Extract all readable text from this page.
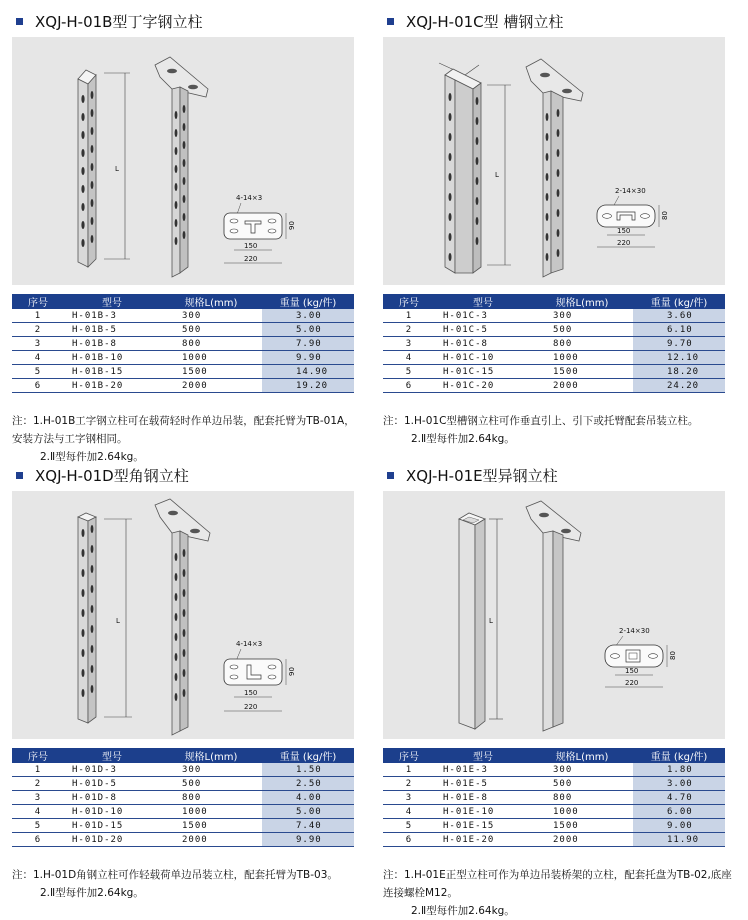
XQJ-H-01B型丁字钢立柱
L
4-14×3
90
150
220
序号	型号	规格L(mm)	重量 (kg/件)
1	H-01B-3	300	3.00
2	H-01B-5	500	5.00
3	H-01B-8	800	7.90
4	H-01B-10	1000	9.90
5	H-01B-15	1500	14.90
6	H-01B-20	2000	19.20
注：1.H-01B工字钢立柱可在载荷轻时作单边吊装，配套托臂为TB-01A，安装方法与工字钢相同。
2.Ⅱ型每件加2.64kg。
XQJ-H-01C型 槽钢立柱
L
2-14×30
80
150
220
序号	型号	规格L(mm)	重量 (kg/件)
1	H-01C-3	300	3.60
2	H-01C-5	500	6.10
3	H-01C-8	800	9.70
4	H-01C-10	1000	12.10
5	H-01C-15	1500	18.20
6	H-01C-20	2000	24.20
注：1.H-01C型槽钢立柱可作垂直引上、引下或托臂配套吊装立柱。
2.Ⅱ型每件加2.64kg。
XQJ-H-01D型角钢立柱
L
4-14×3
90
150
220
序号	型号	规格L(mm)	重量 (kg/件)
1	H-01D-3	300	1.50
2	H-01D-5	500	2.50
3	H-01D-8	800	4.00
4	H-01D-10	1000	5.00
5	H-01D-15	1500	7.40
6	H-01D-20	2000	9.90
注：1.H-01D角钢立柱可作轻载荷单边吊装立柱，配套托臂为TB-03。
2.Ⅱ型每件加2.64kg。
XQJ-H-01E型异钢立柱
L
2-14×30
80
150
220
序号	型号	规格L(mm)	重量 (kg/件)
1	H-01E-3	300	1.80
2	H-01E-5	500	3.00
3	H-01E-8	800	4.70
4	H-01E-10	1000	6.00
5	H-01E-15	1500	9.00
6	H-01E-20	2000	11.90
注：1.H-01E正型立柱可作为单边吊装桥架的立柱，配套托盘为TB-02,底座连接螺栓M12。
2.Ⅱ型每件加2.64kg。
